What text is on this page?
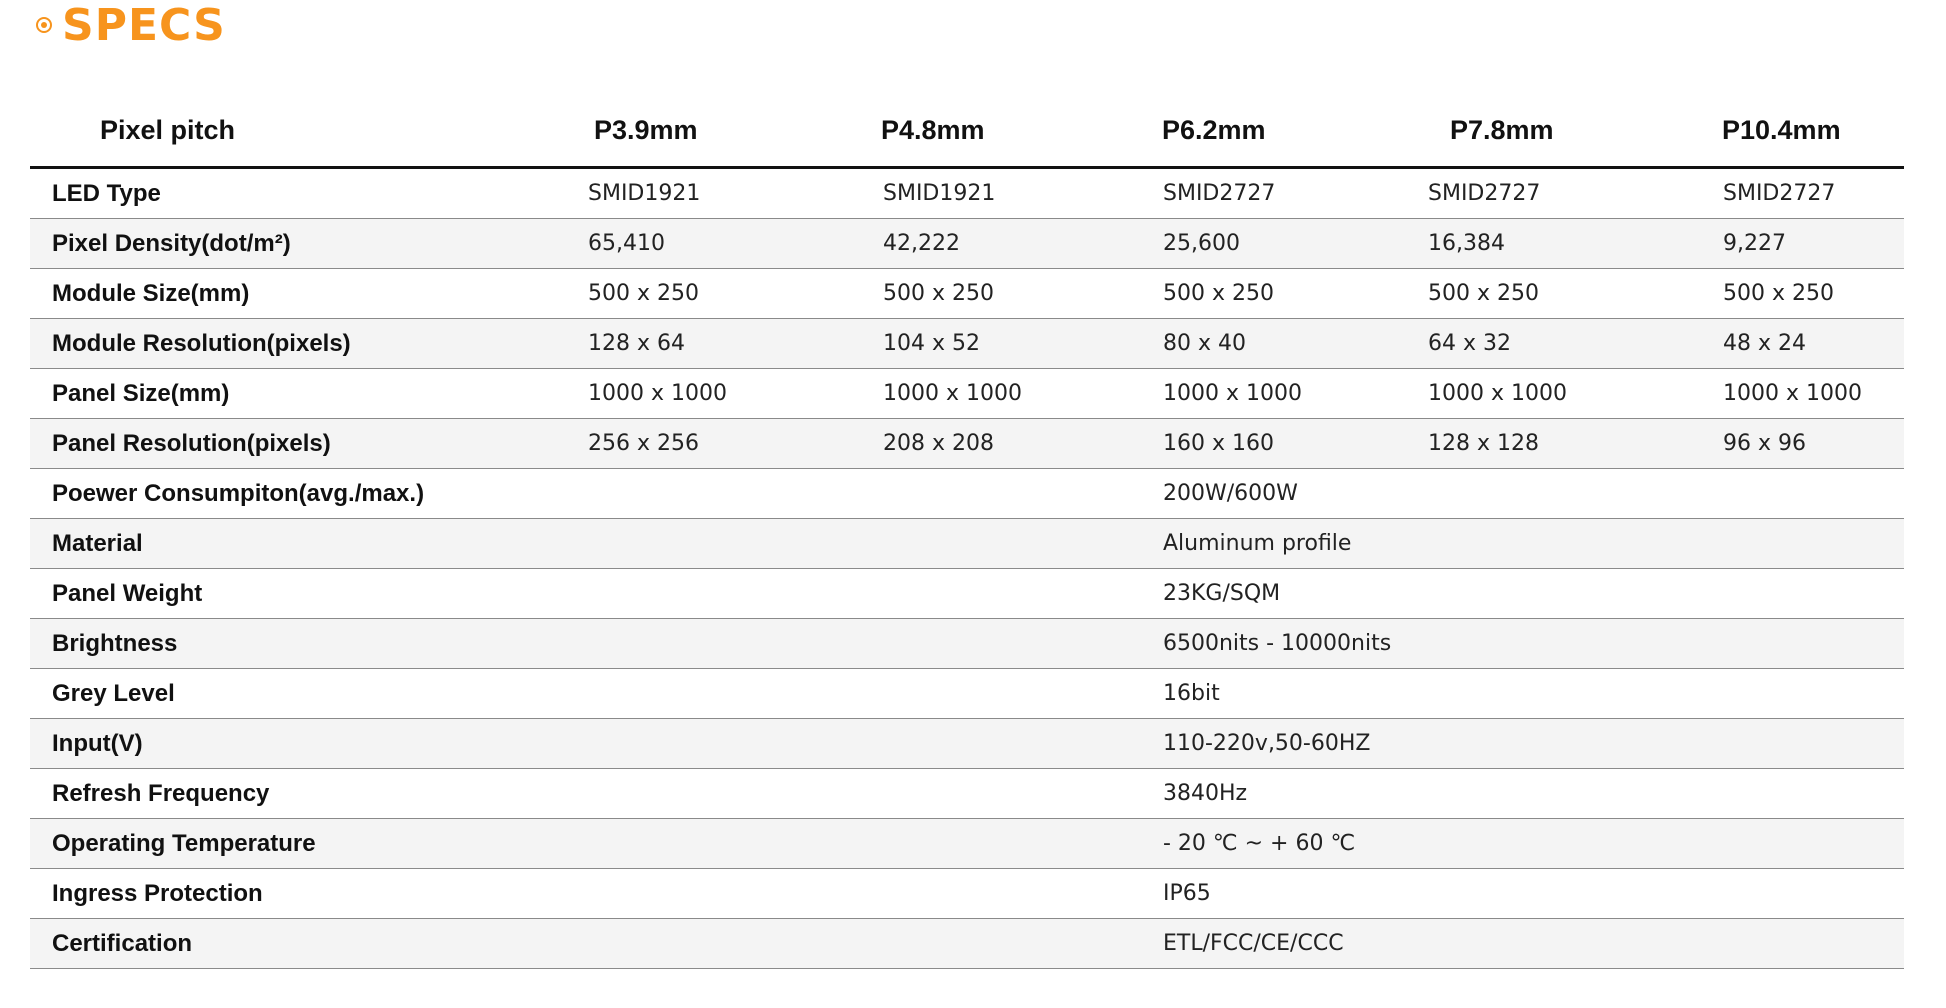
SPECS
Pixel pitch	P3.9mm	P4.8mm	P6.2mm	P7.8mm	P10.4mm
LED Type	SMID1921	SMID1921	SMID2727	SMID2727	SMID2727
Pixel Density(dot/m²)	65,410	42,222	25,600	16,384	9,227
Module Size(mm)	500 x 250	500 x 250	500 x 250	500 x 250	500 x 250
Module Resolution(pixels)	128 x 64	104 x 52	80 x 40	64 x 32	48 x 24
Panel Size(mm)	1000 x 1000	1000 x 1000	1000 x 1000	1000 x 1000	1000 x 1000
Panel Resolution(pixels)	256 x 256	208 x 208	160 x 160	128 x 128	96 x 96
Poewer Consumpiton(avg./max.)	200W/600W
Material	Aluminum profile
Panel Weight	23KG/SQM
Brightness	6500nits - 10000nits
Grey Level	16bit
Input(V)	110-220v,50-60HZ
Refresh Frequency	3840Hz
Operating Temperature	- 20 ℃ ~ + 60 ℃
Ingress Protection	IP65
Certification	ETL/FCC/CE/CCC
